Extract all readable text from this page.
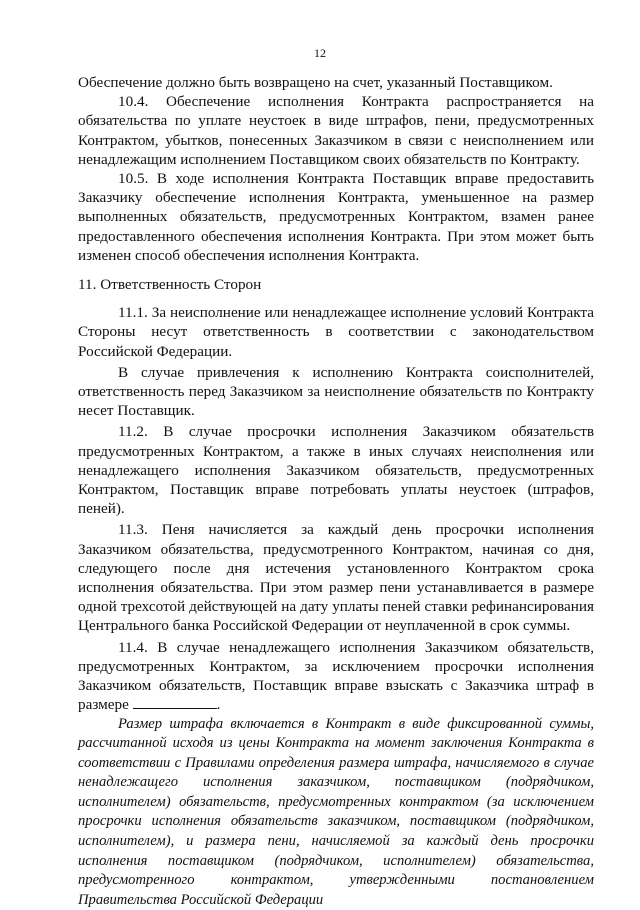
12

Обеспечение должно быть возвращено на счет, указанный Поставщиком.

10.4. Обеспечение исполнения Контракта распространяется на обязательства по уплате неустоек в виде штрафов, пени, предусмотренных Контрактом, убытков, понесенных Заказчиком в связи с неисполнением или ненадлежащим исполнением Поставщиком своих обязательств по Контракту.

10.5. В ходе исполнения Контракта Поставщик вправе предоставить Заказчику обеспечение исполнения Контракта, уменьшенное на размер выполненных обязательств, предусмотренных Контрактом, взамен ранее предоставленного обеспечения исполнения Контракта. При этом может быть изменен способ обеспечения исполнения Контракта.

11. Ответственность Сторон

11.1. За неисполнение или ненадлежащее исполнение условий Контракта Стороны несут ответственность в соответствии с законодательством Российской Федерации.

В случае привлечения к исполнению Контракта соисполнителей, ответственность перед Заказчиком за неисполнение обязательств по Контракту несет Поставщик.

11.2. В случае просрочки исполнения Заказчиком обязательств предусмотренных Контрактом, а также в иных случаях неисполнения или ненадлежащего исполнения Заказчиком обязательств, предусмотренных Контрактом, Поставщик вправе потребовать уплаты неустоек (штрафов, пеней).

11.3. Пеня начисляется за каждый день просрочки исполнения Заказчиком обязательства, предусмотренного Контрактом, начиная со дня, следующего после дня истечения установленного Контрактом срока исполнения обязательства. При этом размер пени устанавливается в размере одной трехсотой действующей на дату уплаты пеней ставки рефинансирования Центрального банка Российской Федерации от неуплаченной в срок суммы.

11.4. В случае ненадлежащего исполнения Заказчиком обязательств, предусмотренных Контрактом, за исключением просрочки исполнения Заказчиком обязательств, Поставщик вправе взыскать с Заказчика штраф в размере	.

Размер штрафа включается в Контракт в виде фиксированной суммы, рассчитанной исходя из цены Контракта на момент заключения Контракта в соответствии с Правилами определения размера штрафа, начисляемого в случае ненадлежащего исполнения заказчиком, поставщиком (подрядчиком, исполнителем) обязательств, предусмотренных контрактом (за исключением просрочки исполнения обязательств заказчиком, поставщиком (подрядчиком, исполнителем), и размера пени, начисляемой за каждый день просрочки исполнения поставщиком (подрядчиком, исполнителем) обязательства, предусмотренного контрактом, утвержденными постановлением Правительства Российской Федерации
